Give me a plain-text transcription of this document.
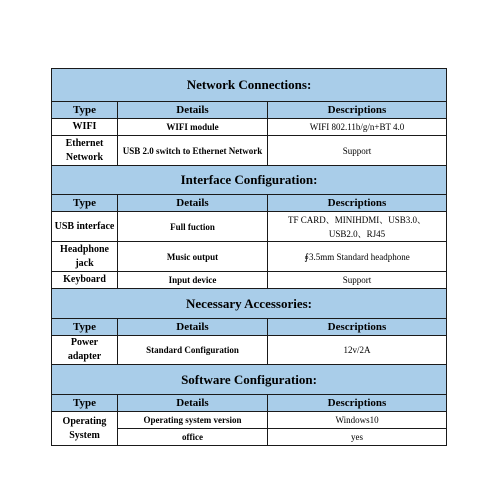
Network Connections:		
Type	Details	Descriptions
WIFI	WIFI module	WIFI 802.11b/g/n+BT 4.0
Ethernet Network	USB 2.0 switch to Ethernet Network	Support
Interface Configuration:		
Type	Details	Descriptions
USB interface	Full fuction	TF CARD、MINIHDMI、USB3.0、USB2.0、RJ45
Headphone jack	Music output	∮3.5mm Standard headphone
Keyboard	Input device	Support
Necessary Accessories:		
Type	Details	Descriptions
Power adapter	Standard Configuration	12v/2A
Software Configuration:		
Type	Details	Descriptions
Operating System	Operating system version	Windows10
	office	yes
